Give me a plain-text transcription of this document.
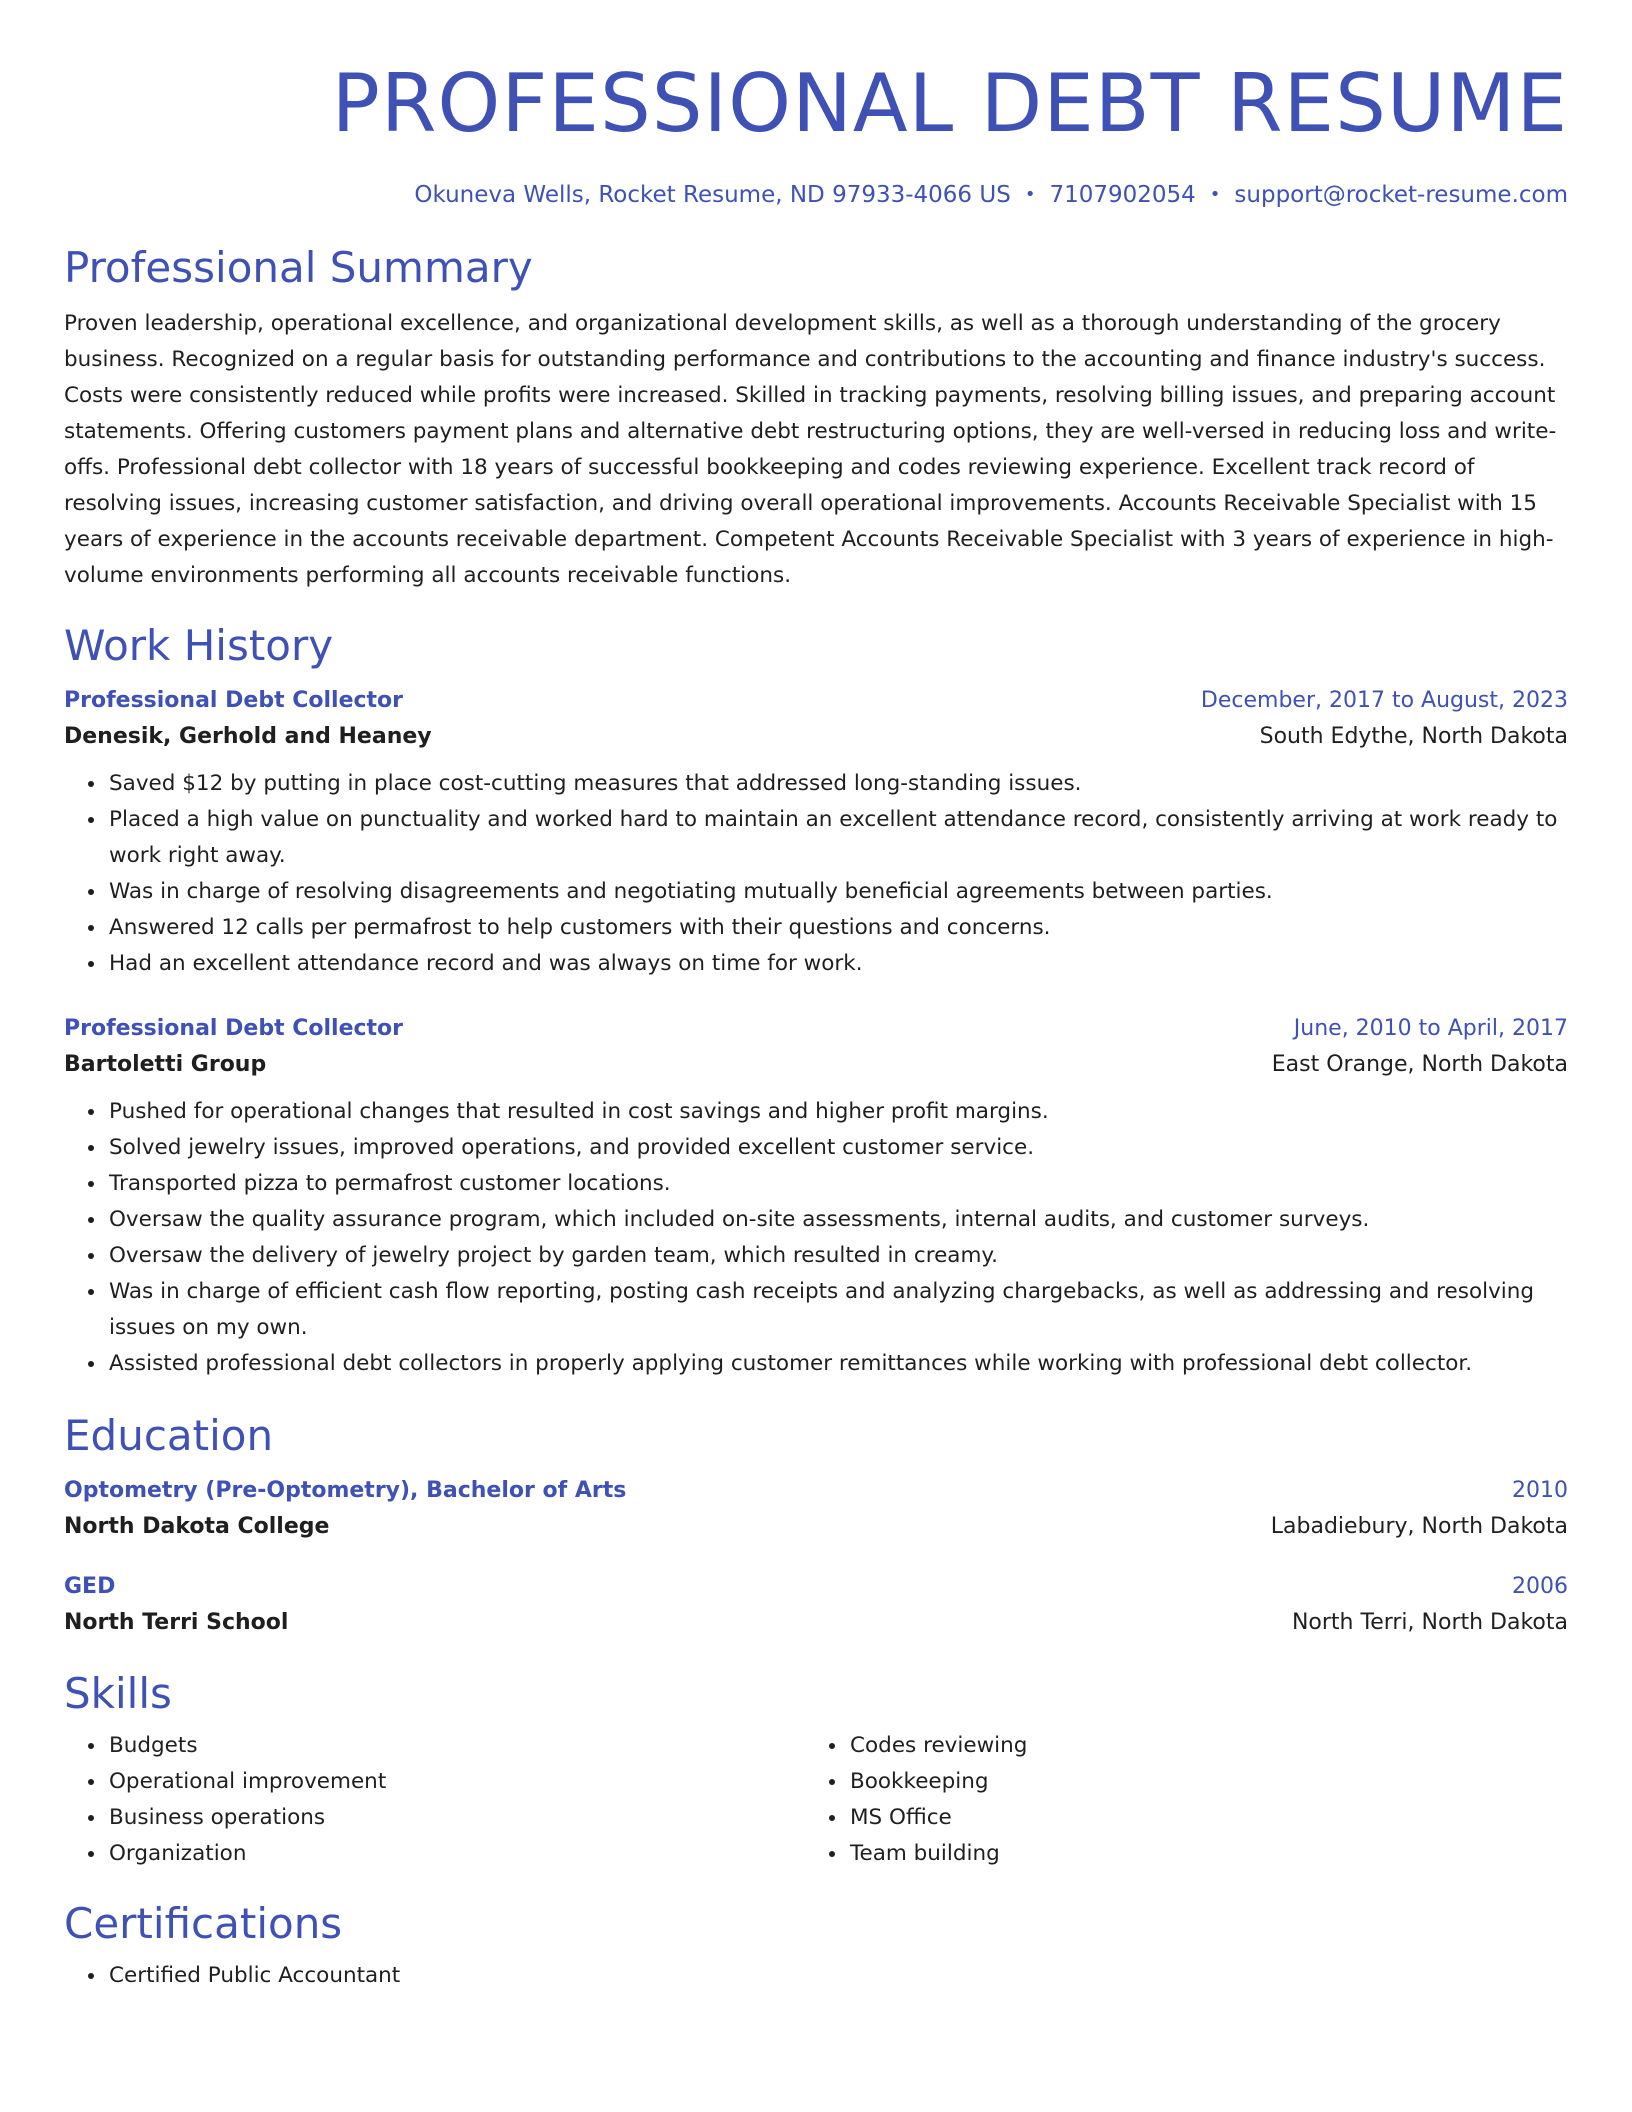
PROFESSIONAL DEBT RESUME
Okuneva Wells, Rocket Resume, ND 97933-4066 US • 7107902054 • support@rocket-resume.com
Professional Summary

Proven leadership, operational excellence, and organizational development skills, as well as a thorough understanding of the grocery business. Recognized on a regular basis for outstanding performance and contributions to the accounting and finance industry's success. Costs were consistently reduced while profits were increased. Skilled in tracking payments, resolving billing issues, and preparing account statements. Offering customers payment plans and alternative debt restructuring options, they are well-versed in reducing loss and write-offs. Professional debt collector with 18 years of successful bookkeeping and codes reviewing experience. Excellent track record of resolving issues, increasing customer satisfaction, and driving overall operational improvements. Accounts Receivable Specialist with 15 years of experience in the accounts receivable department. Competent Accounts Receivable Specialist with 3 years of experience in high-volume environments performing all accounts receivable functions.

Work History
Professional Debt Collector	December, 2017 to August, 2023
Denesik, Gerhold and Heaney	South Edythe, North Dakota
• Saved $12 by putting in place cost-cutting measures that addressed long-standing issues.
• Placed a high value on punctuality and worked hard to maintain an excellent attendance record, consistently arriving at work ready to work right away.
• Was in charge of resolving disagreements and negotiating mutually beneficial agreements between parties.
• Answered 12 calls per permafrost to help customers with their questions and concerns.
• Had an excellent attendance record and was always on time for work.
Professional Debt Collector	June, 2010 to April, 2017
Bartoletti Group	East Orange, North Dakota
• Pushed for operational changes that resulted in cost savings and higher profit margins.
• Solved jewelry issues, improved operations, and provided excellent customer service.
• Transported pizza to permafrost customer locations.
• Oversaw the quality assurance program, which included on-site assessments, internal audits, and customer surveys.
• Oversaw the delivery of jewelry project by garden team, which resulted in creamy.
• Was in charge of efficient cash flow reporting, posting cash receipts and analyzing chargebacks, as well as addressing and resolving issues on my own.
• Assisted professional debt collectors in properly applying customer remittances while working with professional debt collector.
Education
Optometry (Pre-Optometry), Bachelor of Arts	2010
North Dakota College	Labadiebury, North Dakota
GED	2006
North Terri School	North Terri, North Dakota
Skills
• Budgets
• Operational improvement
• Business operations
• Organization
• Codes reviewing
• Bookkeeping
• MS Office
• Team building
Certifications
• Certified Public Accountant
